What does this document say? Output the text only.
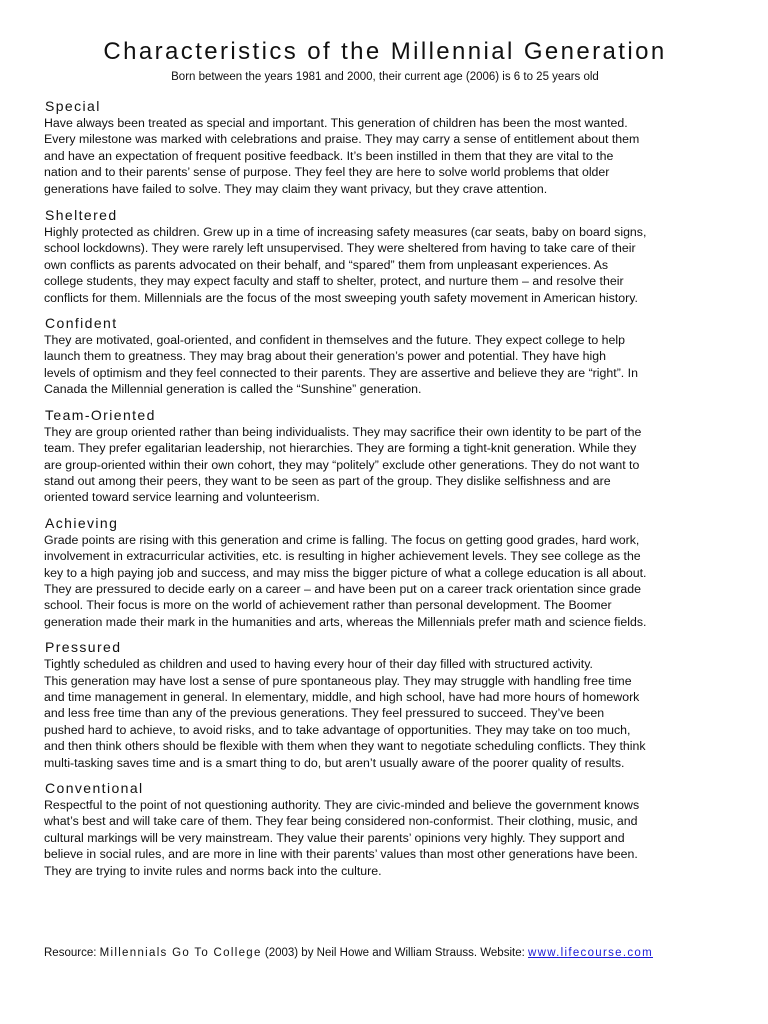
Characteristics of the Millennial Generation

Born between the years 1981 and 2000, their current age (2006) is 6 to 25 years old

Special

Have always been treated as special and important. This generation of children has been the most wanted.
Every milestone was marked with celebrations and praise. They may carry a sense of entitlement about them
and have an expectation of frequent positive feedback. It’s been instilled in them that they are vital to the
nation and to their parents’ sense of purpose. They feel they are here to solve world problems that older
generations have failed to solve. They may claim they want privacy, but they crave attention.

Sheltered

Highly protected as children. Grew up in a time of increasing safety measures (car seats, baby on board signs,
school lockdowns). They were rarely left unsupervised. They were sheltered from having to take care of their
own conflicts as parents advocated on their behalf, and “spared” them from unpleasant experiences. As
college students, they may expect faculty and staff to shelter, protect, and nurture them – and resolve their
conflicts for them. Millennials are the focus of the most sweeping youth safety movement in American history.

Confident

They are motivated, goal-oriented, and confident in themselves and the future. They expect college to help
launch them to greatness. They may brag about their generation’s power and potential. They have high
levels of optimism and they feel connected to their parents. They are assertive and believe they are “right”. In
Canada the Millennial generation is called the “Sunshine” generation.

Team-Oriented

They are group oriented rather than being individualists. They may sacrifice their own identity to be part of the
team. They prefer egalitarian leadership, not hierarchies. They are forming a tight-knit generation. While they
are group-oriented within their own cohort, they may “politely” exclude other generations. They do not want to
stand out among their peers, they want to be seen as part of the group. They dislike selfishness and are
oriented toward service learning and volunteerism.

Achieving

Grade points are rising with this generation and crime is falling. The focus on getting good grades, hard work,
involvement in extracurricular activities, etc. is resulting in higher achievement levels. They see college as the
key to a high paying job and success, and may miss the bigger picture of what a college education is all about.
They are pressured to decide early on a career – and have been put on a career track orientation since grade
school. Their focus is more on the world of achievement rather than personal development. The Boomer
generation made their mark in the humanities and arts, whereas the Millennials prefer math and science fields.

Pressured

Tightly scheduled as children and used to having every hour of their day filled with structured activity.
This generation may have lost a sense of pure spontaneous play. They may struggle with handling free time
and time management in general. In elementary, middle, and high school, have had more hours of homework
and less free time than any of the previous generations. They feel pressured to succeed. They’ve been
pushed hard to achieve, to avoid risks, and to take advantage of opportunities. They may take on too much,
and then think others should be flexible with them when they want to negotiate scheduling conflicts. They think
multi-tasking saves time and is a smart thing to do, but aren’t usually aware of the poorer quality of results.

Conventional

Respectful to the point of not questioning authority. They are civic-minded and believe the government knows
what’s best and will take care of them. They fear being considered non-conformist. Their clothing, music, and
cultural markings will be very mainstream. They value their parents’ opinions very highly. They support and
believe in social rules, and are more in line with their parents’ values than most other generations have been.
They are trying to invite rules and norms back into the culture.

Resource: Millennials Go To College (2003) by Neil Howe and William Strauss. Website: www.lifecourse.com
